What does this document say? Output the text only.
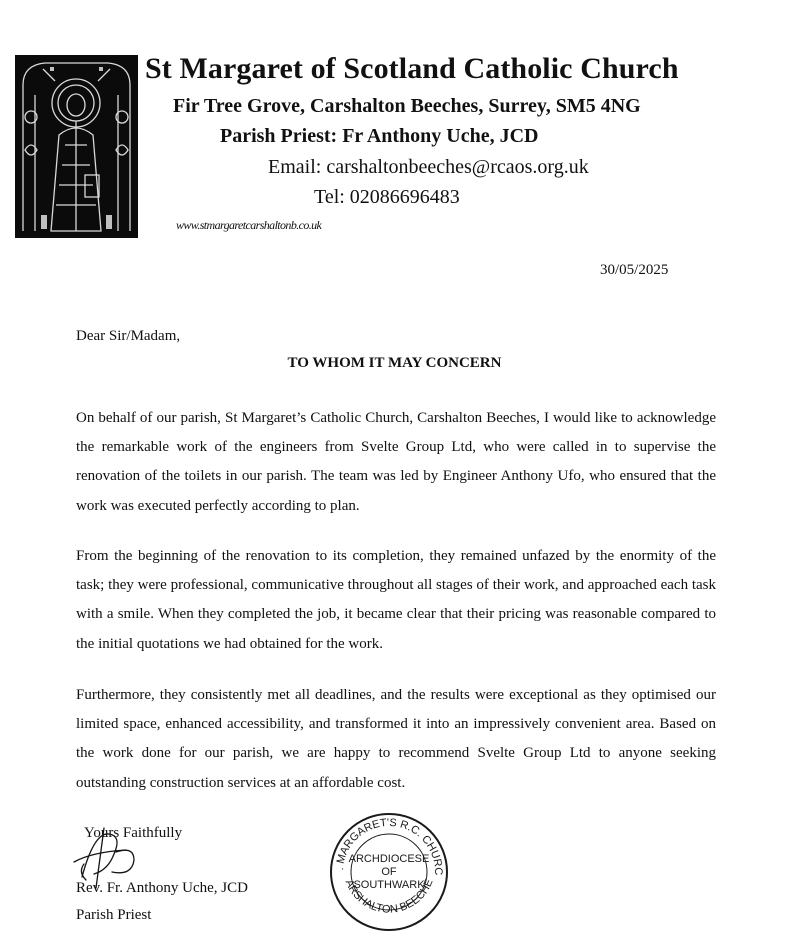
St Margaret of Scotland Catholic Church
Fir Tree Grove, Carshalton Beeches, Surrey, SM5 4NG
Parish Priest: Fr Anthony Uche, JCD
Email: carshaltonbeeches@rcaos.org.uk
Tel: 02086696483
www.stmargaretcarshaltonb.co.uk
30/05/2025
Dear Sir/Madam,
TO WHOM IT MAY CONCERN
On behalf of our parish, St Margaret’s Catholic Church, Carshalton Beeches, I would like to acknowledge the remarkable work of the engineers from Svelte Group Ltd, who were called in to supervise the renovation of the toilets in our parish. The team was led by Engineer Anthony Ufo, who ensured that the work was executed perfectly according to plan.
From the beginning of the renovation to its completion, they remained unfazed by the enormity of the task; they were professional, communicative throughout all stages of their work, and approached each task with a smile. When they completed the job, it became clear that their pricing was reasonable compared to the initial quotations we had obtained for the work.
Furthermore, they consistently met all deadlines, and the results were exceptional as they optimised our limited space, enhanced accessibility, and transformed it into an impressively convenient area. Based on the work done for our parish, we are happy to recommend Svelte Group Ltd to anyone seeking outstanding construction services at an affordable cost.
Yours Faithfully
Rev. Fr. Anthony Uche, JCD
Parish Priest
. MARGARET'S R.C. CHURC
ARSHALTON BEECHE
ARCHDIOCESE
OF
SOUTHWARK
